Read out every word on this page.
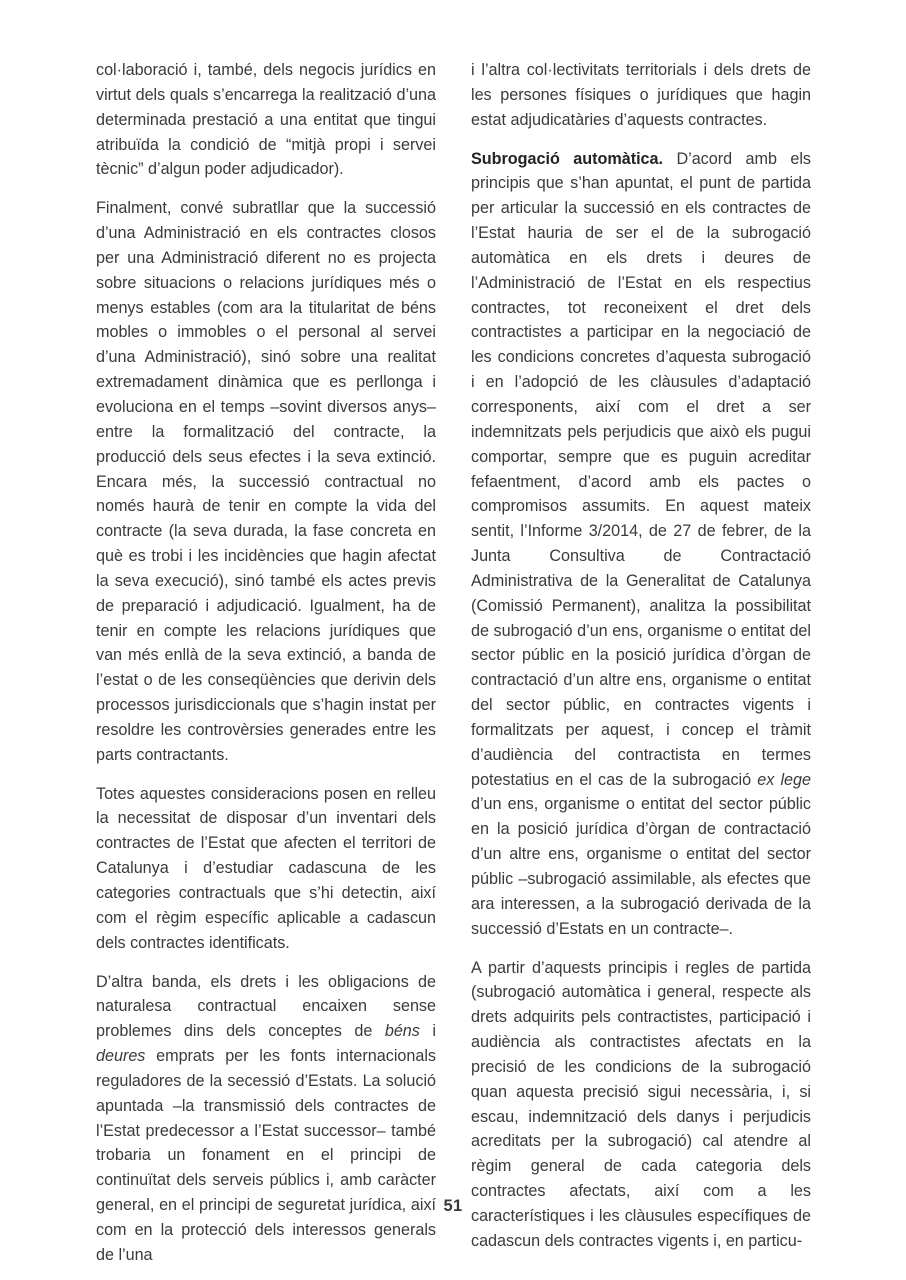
col·laboració i, també, dels negocis jurídics en virtut dels quals s’encarrega la realització d’una determinada prestació a una entitat que tingui atribuïda la condició de “mitjà propi i servei tècnic” d’algun poder adjudicador).

Finalment, convé subratllar que la successió d’una Administració en els contractes closos per una Administració diferent no es projecta sobre situacions o relacions jurídiques més o menys estables (com ara la titularitat de béns mobles o immobles o el personal al servei d’una Administració), sinó sobre una realitat extremadament dinàmica que es perllonga i evoluciona en el temps –sovint diversos anys– entre la formalització del contracte, la producció dels seus efectes i la seva extinció. Encara més, la successió contractual no només haurà de tenir en compte la vida del contracte (la seva durada, la fase concreta en què es trobi i les incidències que hagin afectat la seva execució), sinó també els actes previs de preparació i adjudicació. Igualment, ha de tenir en compte les relacions jurídiques que van més enllà de la seva extinció, a banda de l’estat o de les conseqüències que derivin dels processos jurisdiccionals que s’hagin instat per resoldre les controvèrsies generades entre les parts contractants.

Totes aquestes consideracions posen en relleu la necessitat de disposar d’un inventari dels contractes de l’Estat que afecten el territori de Catalunya i d’estudiar cadascuna de les categories contractuals que s’hi detectin, així com el règim específic aplicable a cadascun dels contractes identificats.

D’altra banda, els drets i les obligacions de naturalesa contractual encaixen sense problemes dins dels conceptes de béns i deures emprats per les fonts internacionals reguladores de la secessió d’Estats. La solució apuntada –la transmissió dels contractes de l’Estat predecessor a l’Estat successor– també trobaria un fonament en el principi de continuïtat dels serveis públics i, amb caràcter general, en el principi de seguretat jurídica, així com en la protecció dels interessos generals de l’una

i l’altra col·lectivitats territorials i dels drets de les persones físiques o jurídiques que hagin estat adjudicatàries d’aquests contractes.

Subrogació automàtica. D’acord amb els principis que s’han apuntat, el punt de partida per articular la successió en els contractes de l’Estat hauria de ser el de la subrogació automàtica en els drets i deures de l’Administració de l’Estat en els respectius contractes, tot reconeixent el dret dels contractistes a participar en la negociació de les condicions concretes d’aquesta subrogació i en l’adopció de les clàusules d’adaptació corresponents, així com el dret a ser indemnitzats pels perjudicis que això els pugui comportar, sempre que es puguin acreditar fefaentment, d’acord amb els pactes o compromisos assumits. En aquest mateix sentit, l’Informe 3/2014, de 27 de febrer, de la Junta Consultiva de Contractació Administrativa de la Generalitat de Catalunya (Comissió Permanent), analitza la possibilitat de subrogació d’un ens, organisme o entitat del sector públic en la posició jurídica d’òrgan de contractació d’un altre ens, organisme o entitat del sector públic, en contractes vigents i formalitzats per aquest, i concep el tràmit d’audiència del contractista en termes potestatius en el cas de la subrogació ex lege d’un ens, organisme o entitat del sector públic en la posició jurídica d’òrgan de contractació d’un altre ens, organisme o entitat del sector públic –subrogació assimilable, als efectes que ara interessen, a la subrogació derivada de la successió d’Estats en un contracte–.

A partir d’aquests principis i regles de partida (subrogació automàtica i general, respecte als drets adquirits pels contractistes, participació i audiència als contractistes afectats en la precisió de les condicions de la subrogació quan aquesta precisió sigui necessària, i, si escau, indemnització dels danys i perjudicis acreditats per la subrogació) cal atendre al règim general de cada categoria dels contractes afectats, així com a les característiques i les clàusules específiques de cadascun dels contractes vigents i, en particu-

51
